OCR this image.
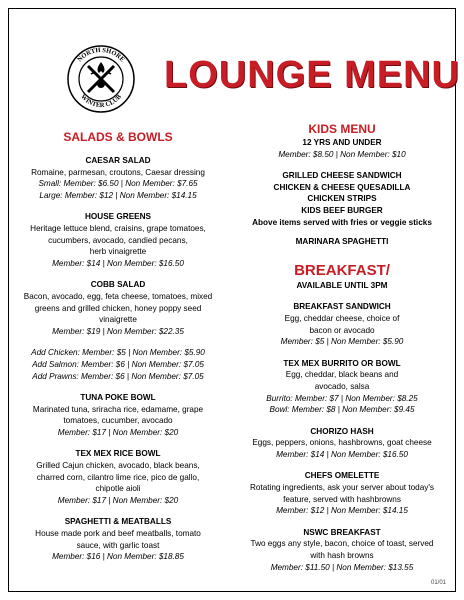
NORTH SHORE
WINTER CLUB
LOUNGE MENU
SALADS & BOWLS
CAESAR SALAD
Romaine, parmesan, croutons, Caesar dressing
Small: Member: $6.50 | Non Member: $7.65
Large: Member: $12 | Non Member: $14.15
HOUSE GREENS
Heritage lettuce blend, craisins, grape tomatoes,
cucumbers, avocado, candied pecans,
herb vinaigrette
Member: $14 | Non Member: $16.50
COBB SALAD
Bacon, avocado, egg, feta cheese, tomatoes, mixed
greens and grilled chicken, honey poppy seed
vinaigrette
Member: $19 | Non Member: $22.35
Add Chicken: Member: $5 | Non Member: $5.90
Add Salmon: Member: $6 | Non Member: $7.05
Add Prawns: Member: $6 | Non Member: $7.05
TUNA POKE BOWL
Marinated tuna, sriracha rice, edamame, grape
tomatoes, cucumber, avocado
Member: $17 | Non Member: $20
TEX MEX RICE BOWL
Grilled Cajun chicken, avocado, black beans,
charred corn, cilantro lime rice, pico de gallo,
chipotle aioli
Member: $17 | Non Member: $20
SPAGHETTI & MEATBALLS
House made pork and beef meatballs, tomato
sauce, with garlic toast
Member: $16 | Non Member: $18.85
KIDS MENU
12 YRS AND UNDER
Member: $8.50 | Non Member: $10
GRILLED CHEESE SANDWICH
CHICKEN & CHEESE QUESADILLA
CHICKEN STRIPS
KIDS BEEF BURGER
Above items served with fries or veggie sticks
MARINARA SPAGHETTI
BREAKFAST/
AVAILABLE UNTIL 3PM
BREAKFAST SANDWICH
Egg, cheddar cheese, choice of
bacon or avocado
Member: $5 | Non Member: $5.90
TEX MEX BURRITO OR BOWL
Egg, cheddar, black beans and
avocado, salsa
Burrito: Member: $7 | Non Member: $8.25
Bowl: Member: $8 | Non Member: $9.45
CHORIZO HASH
Eggs, peppers, onions, hashbrowns, goat cheese
Member: $14 | Non Member: $16.50
CHEFS OMELETTE
Rotating ingredients, ask your server about today's
feature, served with hashbrowns
Member: $12 | Non Member: $14.15
NSWC BREAKFAST
Two eggs any style, bacon, choice of toast, served
with hash browns
Member: $11.50 | Non Member: $13.55
01/01
